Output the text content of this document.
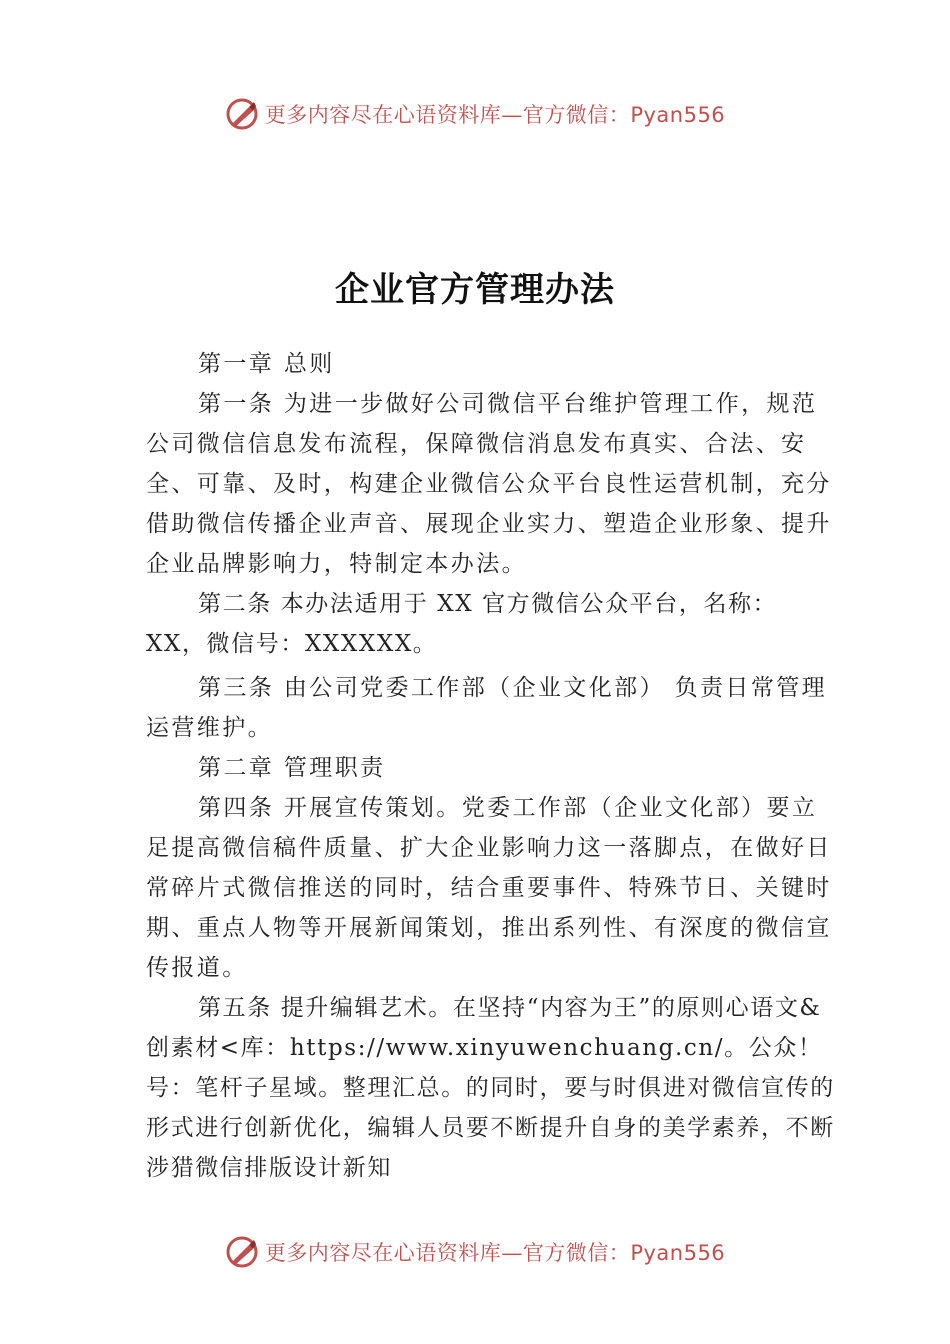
更多内容尽在心语资料库—官方微信：Pyan556
企业官方管理办法

第一章 总则

第一条 为进一步做好公司微信平台维护管理工作，规范公司微信信息发布流程，保障微信消息发布真实、合法、安全、可靠、及时，构建企业微信公众平台良性运营机制，充分借助微信传播企业声音、展现企业实力、塑造企业形象、提升企业品牌影响力，特制定本办法。

第二条 本办法适用于 XX 官方微信公众平台，名称：XX，微信号：XXXXXX。

第三条 由公司党委工作部（企业文化部） 负责日常管理运营维护。

第二章 管理职责

第四条 开展宣传策划。党委工作部（企业文化部）要立足提高微信稿件质量、扩大企业影响力这一落脚点，在做好日常碎片式微信推送的同时，结合重要事件、特殊节日、关键时期、重点人物等开展新闻策划，推出系列性、有深度的微信宣传报道。

第五条 提升编辑艺术。在坚持“内容为王”的原则心语文&创素材<库：https://www.xinyuwenchuang.cn/。公众！号：笔杆子星域。整理汇总。的同时，要与时俱进对微信宣传的形式进行创新优化，编辑人员要不断提升自身的美学素养，不断涉猎微信排版设计新知

更多内容尽在心语资料库—官方微信：Pyan556
